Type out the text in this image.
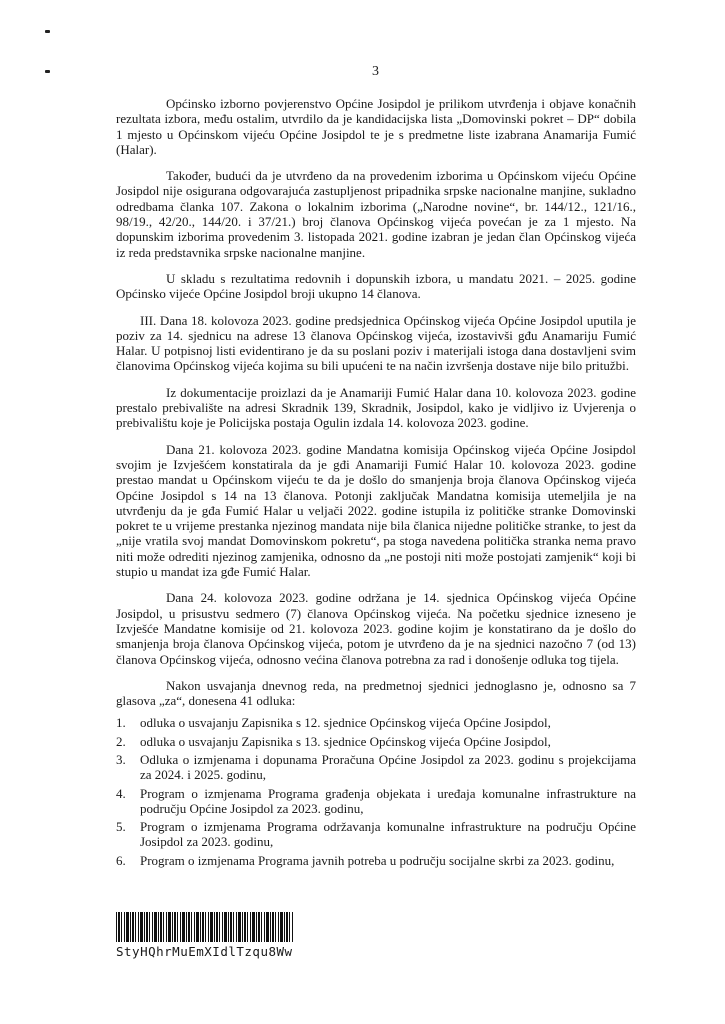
3

Općinsko izborno povjerenstvo Općine Josipdol je prilikom utvrđenja i objave konačnih rezultata izbora, među ostalim, utvrdilo da je kandidacijska lista „Domovinski pokret – DP“ dobila 1 mjesto u Općinskom vijeću Općine Josipdol te je s predmetne liste izabrana Anamarija Fumić (Halar).

Također, budući da je utvrđeno da na provedenim izborima u Općinskom vijeću Općine Josipdol nije osigurana odgovarajuća zastupljenost pripadnika srpske nacionalne manjine, sukladno odredbama članka 107. Zakona o lokalnim izborima („Narodne novine“, br. 144/12., 121/16., 98/19., 42/20., 144/20. i 37/21.) broj članova Općinskog vijeća povećan je za 1 mjesto. Na dopunskim izborima provedenim 3. listopada 2021. godine izabran je jedan član Općinskog vijeća iz reda predstavnika srpske nacionalne manjine.

U skladu s rezultatima redovnih i dopunskih izbora, u mandatu 2021. – 2025. godine Općinsko vijeće Općine Josipdol broji ukupno 14 članova.

III. Dana 18. kolovoza 2023. godine predsjednica Općinskog vijeća Općine Josipdol uputila je poziv za 14. sjednicu na adrese 13 članova Općinskog vijeća, izostavivši gđu Anamariju Fumić Halar. U potpisnoj listi evidentirano je da su poslani poziv i materijali istoga dana dostavljeni svim članovima Općinskog vijeća kojima su bili upućeni te na način izvršenja dostave nije bilo pritužbi.

Iz dokumentacije proizlazi da je Anamariji Fumić Halar dana 10. kolovoza 2023. godine prestalo prebivalište na adresi Skradnik 139, Skradnik, Josipdol, kako je vidljivo iz Uvjerenja o prebivalištu koje je Policijska postaja Ogulin izdala 14. kolovoza 2023. godine.

Dana 21. kolovoza 2023. godine Mandatna komisija Općinskog vijeća Općine Josipdol svojim je Izvješćem konstatirala da je gđi Anamariji Fumić Halar 10. kolovoza 2023. godine prestao mandat u Općinskom vijeću te da je došlo do smanjenja broja članova Općinskog vijeća Općine Josipdol s 14 na 13 članova. Potonji zaključak Mandatna komisija utemeljila je na utvrđenju da je gđa Fumić Halar u veljači 2022. godine istupila iz političke stranke Domovinski pokret te u vrijeme prestanka njezinog mandata nije bila članica nijedne političke stranke, to jest da „nije vratila svoj mandat Domovinskom pokretu“, pa stoga navedena politička stranka nema pravo niti može odrediti njezinog zamjenika, odnosno da „ne postoji niti može postojati zamjenik“ koji bi stupio u mandat iza gđe Fumić Halar.

Dana 24. kolovoza 2023. godine održana je 14. sjednica Općinskog vijeća Općine Josipdol, u prisustvu sedmero (7) članova Općinskog vijeća. Na početku sjednice izneseno je Izvješće Mandatne komisije od 21. kolovoza 2023. godine kojim je konstatirano da je došlo do smanjenja broja članova Općinskog vijeća, potom je utvrđeno da je na sjednici nazočno 7 (od 13) članova Općinskog vijeća, odnosno većina članova potrebna za rad i donošenje odluka tog tijela.

Nakon usvajanja dnevnog reda, na predmetnoj sjednici jednoglasno je, odnosno sa 7 glasova „za“, donesena 41 odluka:

1.	odluka o usvajanju Zapisnika s 12. sjednice Općinskog vijeća Općine Josipdol,
2.	odluka o usvajanju Zapisnika s 13. sjednice Općinskog vijeća Općine Josipdol,
3.	Odluka o izmjenama i dopunama Proračuna Općine Josipdol za 2023. godinu s projekcijama za 2024. i 2025. godinu,
4.	Program o izmjenama Programa građenja objekata i uređaja komunalne infrastrukture na području Općine Josipdol za 2023. godinu,
5.	Program o izmjenama Programa održavanja komunalne infrastrukture na području Općine Josipdol za 2023. godinu,
6.	Program o izmjenama Programa javnih potreba u području socijalne skrbi za 2023. godinu,

StyHQhrMuEmXIdlTzqu8Ww
